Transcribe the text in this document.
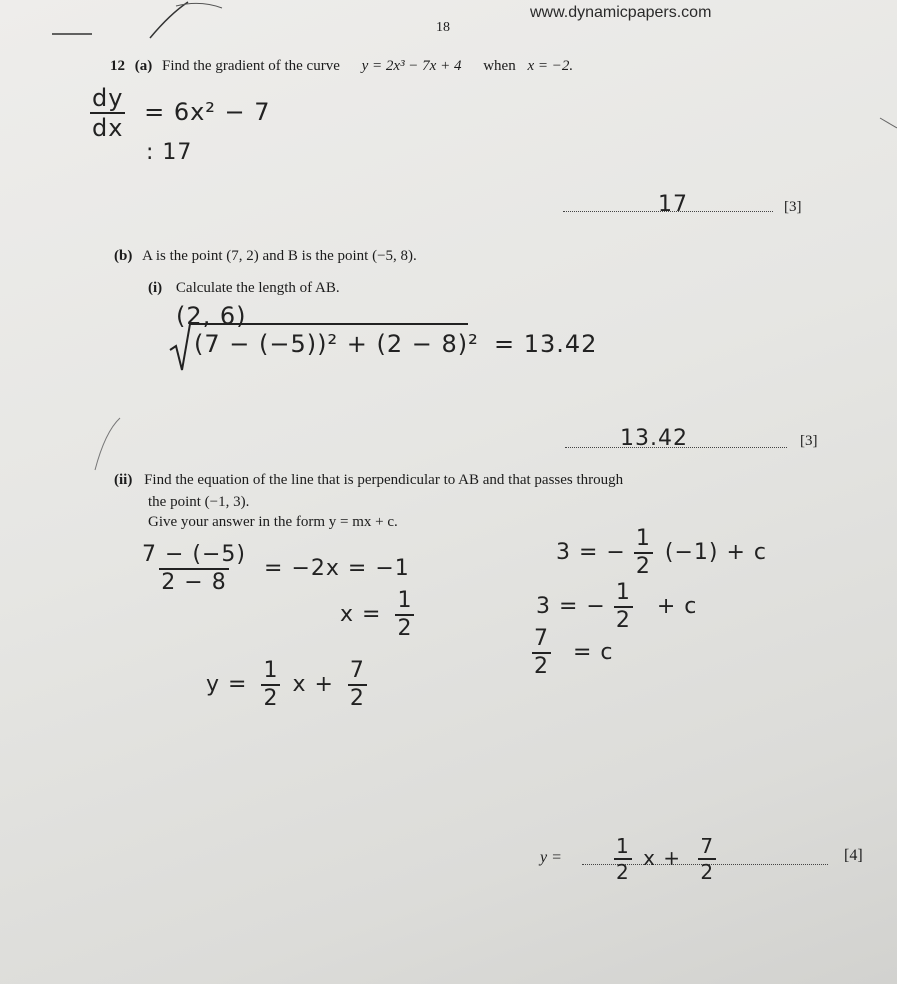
www.dynamicpapers.com
18
12 (a) Find the gradient of the curve y = 2x³ − 7x + 4 when x = −2.
$\frac{dy}{dx} = 6x^2 - 7$
: 17
17	[3]
(b) A is the point (7, 2) and B is the point (−5, 8).
(i) Calculate the length of AB.
(2, 6)
(7 − (−5))² + (2 − 8)² = 13.42
13.42	[3]
(ii) Find the equation of the line that is perpendicular to AB and that passes through
the point (−1, 3).
Give your answer in the form y = mx + c.
$\frac{7 - (-5)}{2 - 8} = -2x = -1$
$x = \frac{1}{2}$
$y = \frac{1}{2}$ $x + \frac{7}{2}$
3 = − $\frac{1}{2} (-1) + c$
3 = − $\frac{1}{2} + c$
$\frac{7}{2} = c$
y =	$\frac{1}{2}$ $x + \frac{7}{2}$	[4]
